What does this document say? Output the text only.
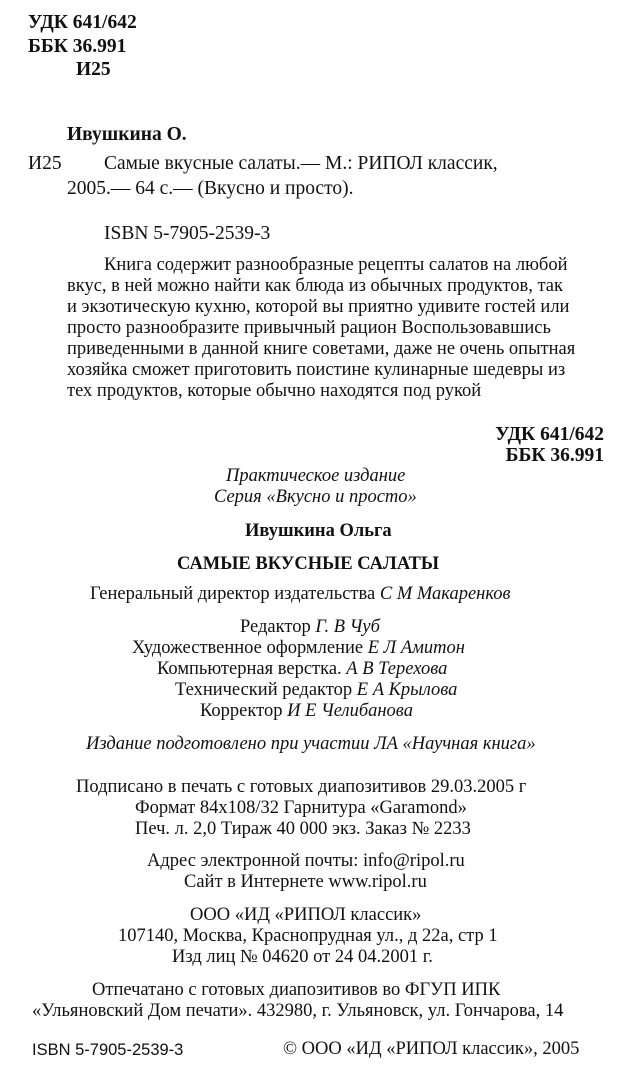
УДК 641/642
ББК 36.991
И25
Ивушкина О.
И25 Самые вкусные салаты.— М.: РИПОЛ классик,
2005.— 64 с.— (Вкусно и просто).
ISBN 5-7905-2539-3
Книга содержит разнообразные рецепты салатов на любой
вкус, в ней можно найти как блюда из обычных продуктов, так
и экзотическую кухню, которой вы приятно удивите гостей или
просто разнообразите привычный рацион Воспользовавшись
приведенными в данной книге советами, даже не очень опытная
хозяйка сможет приготовить поистине кулинарные шедевры из
тех продуктов, которые обычно находятся под рукой
УДК 641/642
ББК 36.991
Практическое издание
Серия «Вкусно и просто»
Ивушкина Ольга
САМЫЕ ВКУСНЫЕ САЛАТЫ
Генеральный директор издательства С М Макаренков
Редактор Г. В Чуб
Художественное оформление Е Л Амитон
Компьютерная верстка. А В Терехова
Технический редактор Е А Крылова
Корректор И Е Челибанова
Издание подготовлено при участии ЛА «Научная книга»
Подписано в печать с готовых диапозитивов 29.03.2005 г
Формат 84х108/32 Гарнитура «Garamond»
Печ. л. 2,0 Тираж 40 000 экз. Заказ № 2233
Адрес электронной почты: info@ripol.ru
Сайт в Интернете www.ripol.ru
ООО «ИД «РИПОЛ классик»
107140, Москва, Краснопрудная ул., д 22а, стр 1
Изд лиц № 04620 от 24 04.2001 г.
Отпечатано с готовых диапозитивов во ФГУП ИПК
«Ульяновский Дом печати». 432980, г. Ульяновск, ул. Гончарова, 14
ISBN 5-7905-2539-3	© ООО «ИД «РИПОЛ классик», 2005
